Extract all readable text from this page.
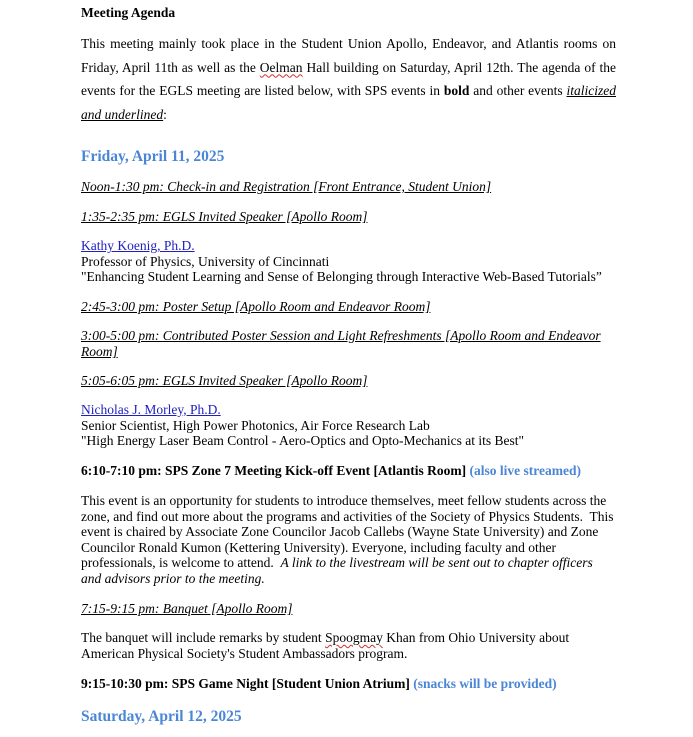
Meeting Agenda
This meeting mainly took place in the Student Union Apollo, Endeavor, and Atlantis rooms on Friday, April 11th as well as the Oelman Hall building on Saturday, April 12th. The agenda of the events for the EGLS meeting are listed below, with SPS events in bold and other events italicized and underlined:
Friday, April 11, 2025
Noon-1:30 pm: Check-in and Registration [Front Entrance, Student Union]
1:35-2:35 pm: EGLS Invited Speaker [Apollo Room]
Kathy Koenig, Ph.D.
Professor of Physics, University of Cincinnati
"Enhancing Student Learning and Sense of Belonging through Interactive Web-Based Tutorials”
2:45-3:00 pm: Poster Setup [Apollo Room and Endeavor Room]
3:00-5:00 pm: Contributed Poster Session and Light Refreshments [Apollo Room and Endeavor Room]
5:05-6:05 pm: EGLS Invited Speaker [Apollo Room]
Nicholas J. Morley, Ph.D.
Senior Scientist, High Power Photonics, Air Force Research Lab
"High Energy Laser Beam Control - Aero-Optics and Opto-Mechanics at its Best"
6:10-7:10 pm: SPS Zone 7 Meeting Kick-off Event [Atlantis Room] (also live streamed)
This event is an opportunity for students to introduce themselves, meet fellow students across the zone, and find out more about the programs and activities of the Society of Physics Students.  This event is chaired by Associate Zone Councilor Jacob Callebs (Wayne State University) and Zone Councilor Ronald Kumon (Kettering University). Everyone, including faculty and other professionals, is welcome to attend.  A link to the livestream will be sent out to chapter officers and advisors prior to the meeting.
7:15-9:15 pm: Banquet [Apollo Room]
The banquet will include remarks by student Spoogmay Khan from Ohio University about American Physical Society's Student Ambassadors program.
9:15-10:30 pm: SPS Game Night [Student Union Atrium] (snacks will be provided)
Saturday, April 12, 2025
